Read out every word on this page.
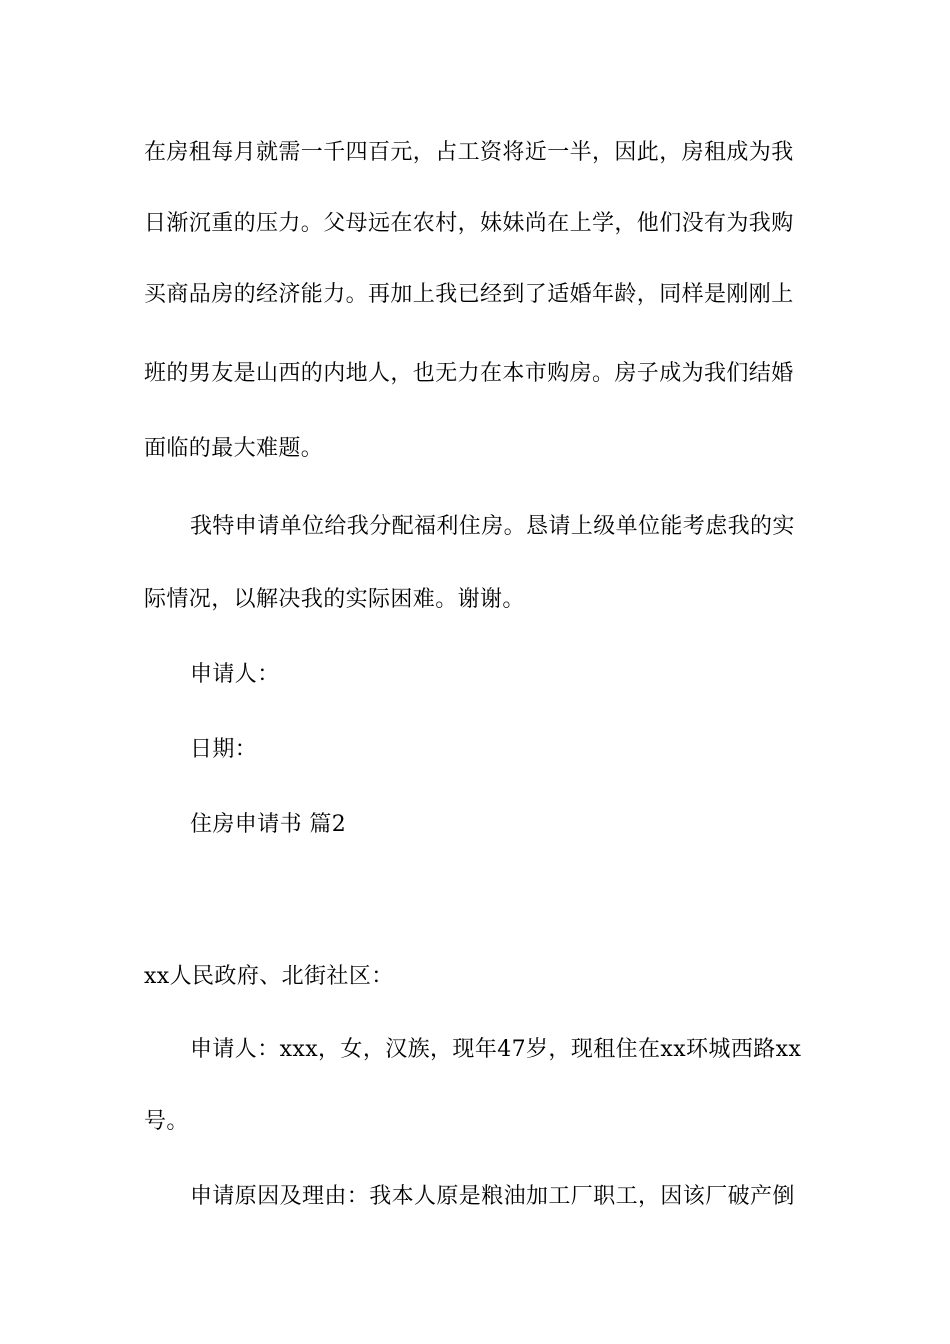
在房租每月就需一千四百元，占工资将近一半，因此，房租成为我
日渐沉重的压力。父母远在农村，妹妹尚在上学，他们没有为我购
买商品房的经济能力。再加上我已经到了适婚年龄，同样是刚刚上
班的男友是山西的内地人，也无力在本市购房。房子成为我们结婚
面临的最大难题。
我特申请单位给我分配福利住房。恳请上级单位能考虑我的实
际情况，以解决我的实际困难。谢谢。
申请人：
日期：
住房申请书 篇2
xx人民政府、北街社区：
申请人：xxx，女，汉族，现年47岁，现租住在xx环城西路xx
号。
申请原因及理由：我本人原是粮油加工厂职工，因该厂破产倒
